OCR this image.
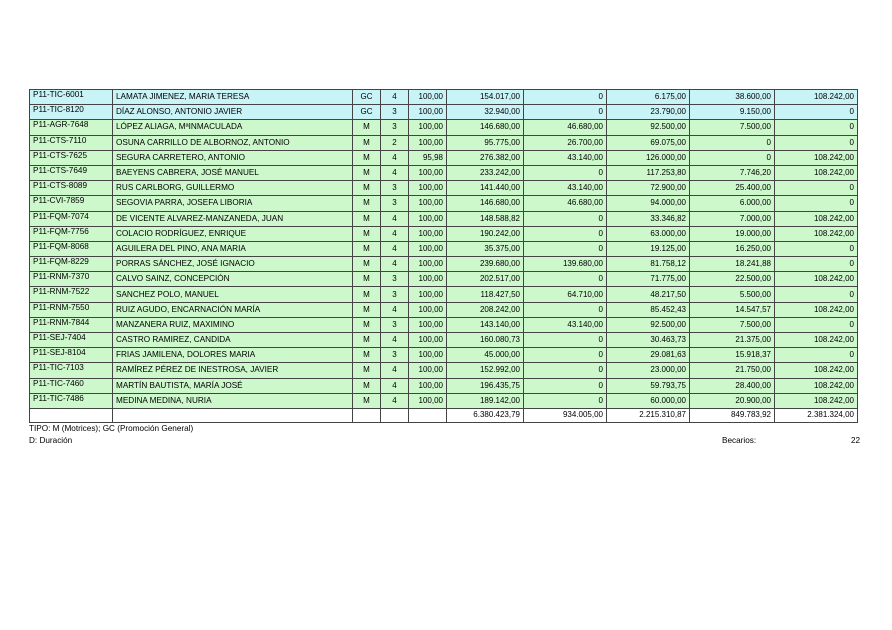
P11-TIC-6001	LAMATA JIMENEZ, MARIA TERESA	GC	4	100,00	154.017,00	0	6.175,00	38.600,00	108.242,00
P11-TIC-8120	DÍAZ ALONSO, ANTONIO JAVIER	GC	3	100,00	32.940,00	0	23.790,00	9.150,00	0
P11-AGR-7648	LÓPEZ ALIAGA, MªINMACULADA	M	3	100,00	146.680,00	46.680,00	92.500,00	7.500,00	0
P11-CTS-7110	OSUNA CARRILLO DE ALBORNOZ, ANTONIO	M	2	100,00	95.775,00	26.700,00	69.075,00	0	0
P11-CTS-7625	SEGURA CARRETERO, ANTONIO	M	4	95,98	276.382,00	43.140,00	126.000,00	0	108.242,00
P11-CTS-7649	BAEYENS CABRERA, JOSÉ MANUEL	M	4	100,00	233.242,00	0	117.253,80	7.746,20	108.242,00
P11-CTS-8089	RUS CARLBORG, GUILLERMO	M	3	100,00	141.440,00	43.140,00	72.900,00	25.400,00	0
P11-CVI-7859	SEGOVIA PARRA, JOSEFA LIBORIA	M	3	100,00	146.680,00	46.680,00	94.000,00	6.000,00	0
P11-FQM-7074	DE VICENTE ALVAREZ-MANZANEDA, JUAN	M	4	100,00	148.588,82	0	33.346,82	7.000,00	108.242,00
P11-FQM-7756	COLACIO RODRÍGUEZ, ENRIQUE	M	4	100,00	190.242,00	0	63.000,00	19.000,00	108.242,00
P11-FQM-8068	AGUILERA DEL PINO, ANA MARIA	M	4	100,00	35.375,00	0	19.125,00	16.250,00	0
P11-FQM-8229	PORRAS SÁNCHEZ, JOSÉ IGNACIO	M	4	100,00	239.680,00	139.680,00	81.758,12	18.241,88	0
P11-RNM-7370	CALVO SAINZ, CONCEPCIÓN	M	3	100,00	202.517,00	0	71.775,00	22.500,00	108.242,00
P11-RNM-7522	SANCHEZ POLO, MANUEL	M	3	100,00	118.427,50	64.710,00	48.217,50	5.500,00	0
P11-RNM-7550	RUIZ AGUDO, ENCARNACIÓN MARÍA	M	4	100,00	208.242,00	0	85.452,43	14.547,57	108.242,00
P11-RNM-7844	MANZANERA RUIZ, MAXIMINO	M	3	100,00	143.140,00	43.140,00	92.500,00	7.500,00	0
P11-SEJ-7404	CASTRO RAMIREZ, CANDIDA	M	4	100,00	160.080,73	0	30.463,73	21.375,00	108.242,00
P11-SEJ-8104	FRIAS JAMILENA, DOLORES MARIA	M	3	100,00	45.000,00	0	29.081,63	15.918,37	0
P11-TIC-7103	RAMÍREZ PÉREZ DE INESTROSA, JAVIER	M	4	100,00	152.992,00	0	23.000,00	21.750,00	108.242,00
P11-TIC-7460	MARTÍN BAUTISTA, MARÍA JOSÉ	M	4	100,00	196.435,75	0	59.793,75	28.400,00	108.242,00
P11-TIC-7486	MEDINA MEDINA, NURIA	M	4	100,00	189.142,00	0	60.000,00	20.900,00	108.242,00
					6.380.423,79	934.005,00	2.215.310,87	849.783,92	2.381.324,00
TIPO: M (Motrices); GC (Promoción General)
D: Duración	Becarios:	22
